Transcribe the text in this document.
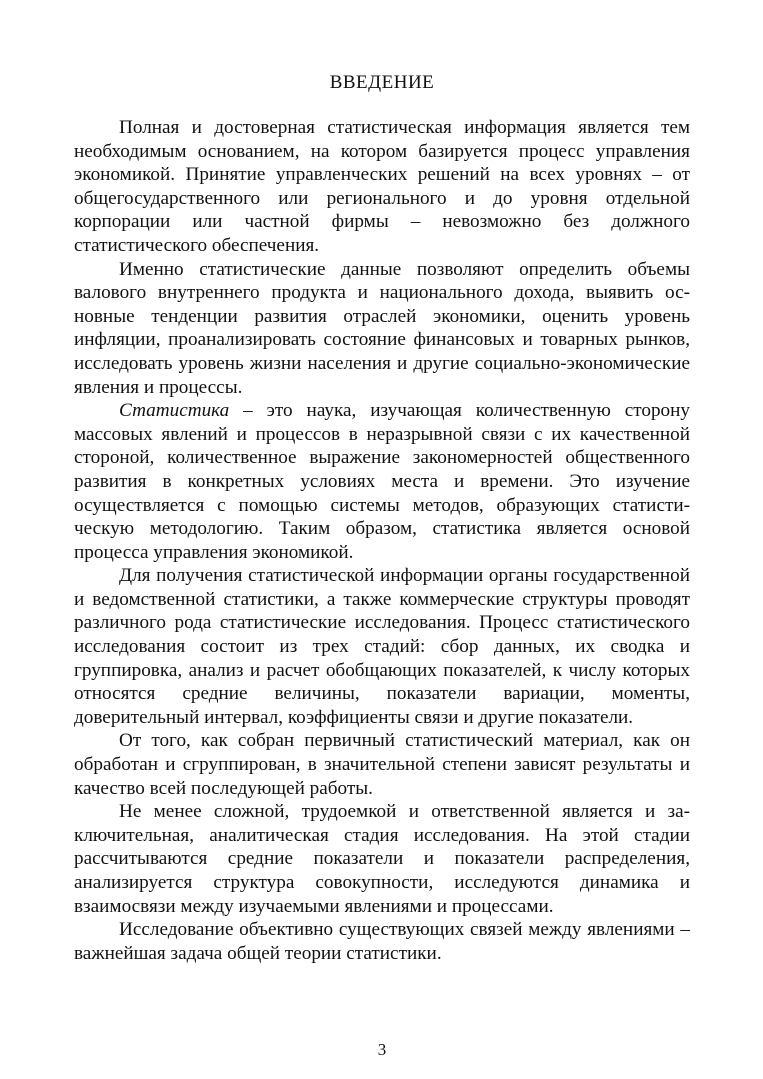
ВВЕДЕНИЕ

Полная и достоверная статистическая информация является тем необходимым основанием, на котором базируется процесс управления экономикой. Принятие управленческих решений на всех уровнях – от общегосударственного или регионального и до уровня отдельной корпорации или частной фирмы – невозможно без должного статистического обеспечения.

Именно статистические данные позволяют определить объемы валового внутреннего продукта и национального дохода, выявить основные тенденции развития отраслей экономики, оценить уровень инфляции, проанализировать состояние финансовых и товарных рынков, исследовать уровень жизни населения и другие социально-экономические явления и процессы.

Статистика – это наука, изучающая количественную сторону массовых явлений и процессов в неразрывной связи с их качественной стороной, количественное выражение закономерностей общественного развития в конкретных условиях места и времени. Это изучение осуществляется с помощью системы методов, образующих статистическую методологию. Таким образом, статистика является основой процесса управления экономикой.

Для получения статистической информации органы государственной и ведомственной статистики, а также коммерческие структуры проводят различного рода статистические исследования. Процесс статистического исследования состоит из трех стадий: сбор данных, их сводка и группировка, анализ и расчет обобщающих показателей, к числу которых относятся средние величины, показатели вариации, моменты, доверительный интервал, коэффициенты связи и другие показатели.

От того, как собран первичный статистический материал, как он обработан и сгруппирован, в значительной степени зависят результаты и качество всей последующей работы.

Не менее сложной, трудоемкой и ответственной является и заключительная, аналитическая стадия исследования. На этой стадии рассчитываются средние показатели и показатели распределения, анализируется структура совокупности, исследуются динамика и взаимосвязи между изучаемыми явлениями и процессами.

Исследование объективно существующих связей между явлениями – важнейшая задача общей теории статистики.

3
